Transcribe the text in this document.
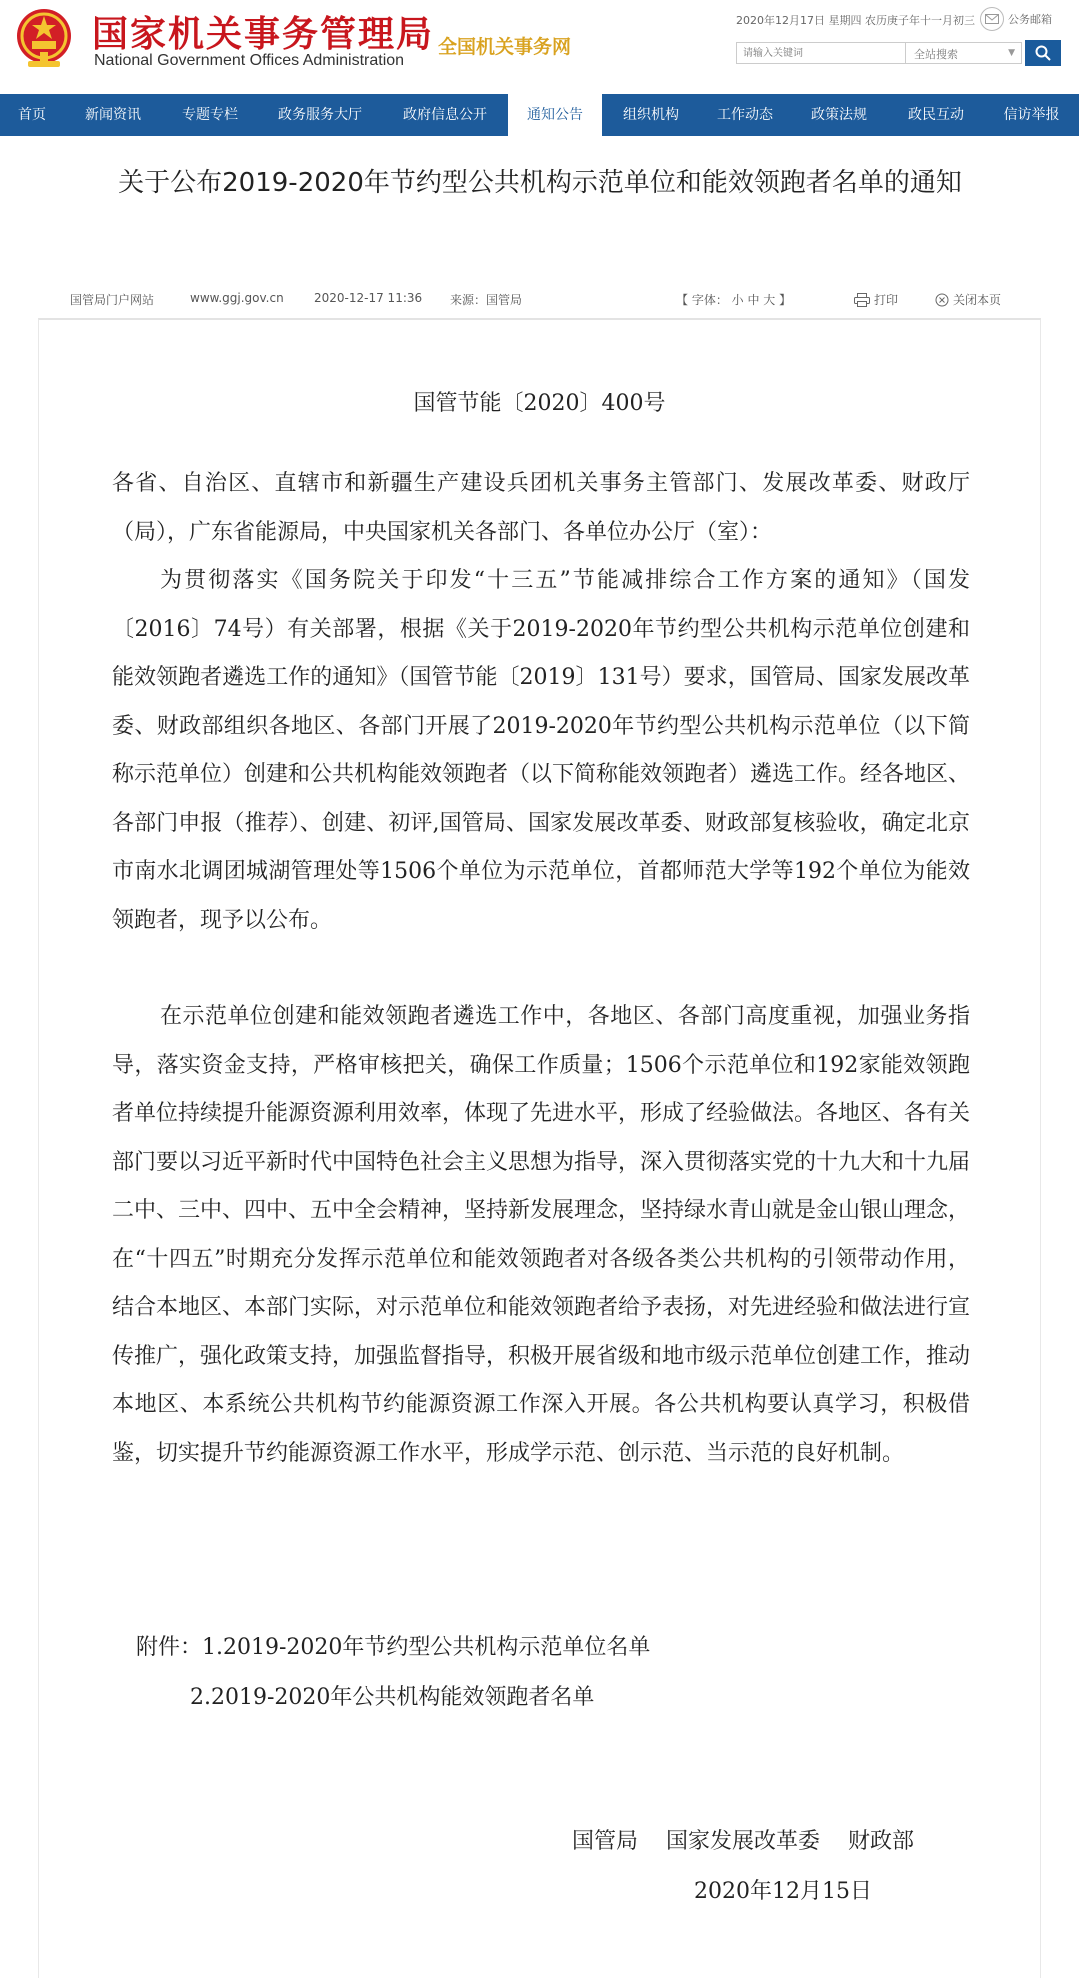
国家机关事务管理局
National Government Offices Administration
全国机关事务网
2020年12月17日 星期四 农历庚子年十一月初三	公务邮箱
请输入关键词
全站搜索	▼
首页	新闻资讯	专题专栏	政务服务大厅	政府信息公开	通知公告	组织机构	工作动态	政策法规	政民互动	信访举报
关于公布2019-2020年节约型公共机构示范单位和能效领跑者名单的通知
国管局门户网站	www.ggj.gov.cn	2020-12-17 11:36 来源：国管局	【 字体： 小 中 大 】	打印	关闭本页
国管节能〔2020〕400号
各省、自治区、直辖市和新疆生产建设兵团机关事务主管部门、发展改革委、财政厅（局），广东省能源局，中央国家机关各部门、各单位办公厅（室）：
为贯彻落实《国务院关于印发“十三五”节能减排综合工作方案的通知》（国发〔2016〕74号）有关部署，根据《关于2019-2020年节约型公共机构示范单位创建和能效领跑者遴选工作的通知》（国管节能〔2019〕131号）要求，国管局、国家发展改革委、财政部组织各地区、各部门开展了2019-2020年节约型公共机构示范单位（以下简称示范单位）创建和公共机构能效领跑者（以下简称能效领跑者）遴选工作。经各地区、各部门申报（推荐）、创建、初评,国管局、国家发展改革委、财政部复核验收，确定北京市南水北调团城湖管理处等1506个单位为示范单位，首都师范大学等192个单位为能效领跑者，现予以公布。
在示范单位创建和能效领跑者遴选工作中，各地区、各部门高度重视，加强业务指导，落实资金支持，严格审核把关，确保工作质量；1506个示范单位和192家能效领跑者单位持续提升能源资源利用效率，体现了先进水平，形成了经验做法。各地区、各有关部门要以习近平新时代中国特色社会主义思想为指导，深入贯彻落实党的十九大和十九届二中、三中、四中、五中全会精神，坚持新发展理念，坚持绿水青山就是金山银山理念，在“十四五”时期充分发挥示范单位和能效领跑者对各级各类公共机构的引领带动作用，结合本地区、本部门实际，对示范单位和能效领跑者给予表扬，对先进经验和做法进行宣传推广，强化政策支持，加强监督指导，积极开展省级和地市级示范单位创建工作，推动本地区、本系统公共机构节约能源资源工作深入开展。各公共机构要认真学习，积极借鉴，切实提升节约能源资源工作水平，形成学示范、创示范、当示范的良好机制。
附件：1.2019-2020年节约型公共机构示范单位名单
2.2019-2020年公共机构能效领跑者名单
国管局    国家发展改革委    财政部
2020年12月15日
